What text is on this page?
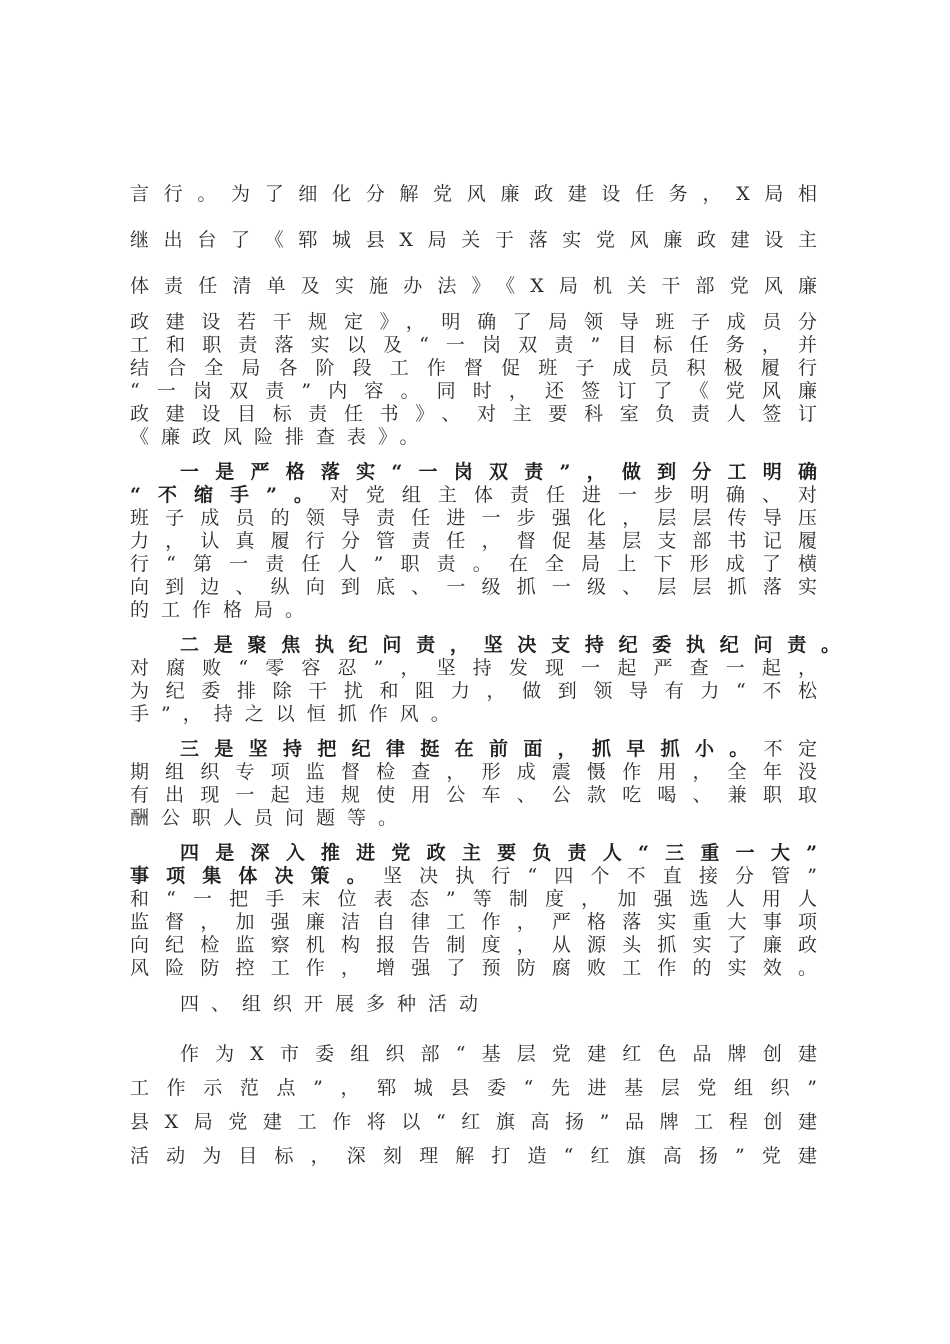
言行。为了细化分解党风廉政建设任务，X局相
继出台了《郓城县X局关于落实党风廉政建设主
体责任清单及实施办法》《X局机关干部党风廉
政建设若干规定》，明确了局领导班子成员分
工和职责落实以及“一岗双责”目标任务，并
结合全局各阶段工作督促班子成员积极履行
“一岗双责”内容。同时，还签订了《党风廉
政建设目标责任书》、对主要科室负责人签订
《廉政风险排查表》。
一是严格落实“一岗双责”，做到分工明确
“不缩手”。对党组主体责任进一步明确、对
班子成员的领导责任进一步强化，层层传导压
力，认真履行分管责任，督促基层支部书记履
行“第一责任人”职责。在全局上下形成了横
向到边、纵向到底、一级抓一级、层层抓落实
的工作格局。
二是聚焦执纪问责，坚决支持纪委执纪问责。
对腐败“零容忍”，坚持发现一起严查一起，
为纪委排除干扰和阻力，做到领导有力“不松
手”，持之以恒抓作风。
三是坚持把纪律挺在前面，抓早抓小。不定
期组织专项监督检查，形成震慑作用，全年没
有出现一起违规使用公车、公款吃喝、兼职取
酬公职人员问题等。
四是深入推进党政主要负责人“三重一大”
事项集体决策。坚决执行“四个不直接分管”
和“一把手末位表态”等制度，加强选人用人
监督，加强廉洁自律工作，严格落实重大事项
向纪检监察机构报告制度，从源头抓实了廉政
风险防控工作，增强了预防腐败工作的实效。
四、组织开展多种活动
作为X市委组织部“基层党建红色品牌创建
工作示范点”，郓城县委“先进基层党组织”
县X局党建工作将以“红旗高扬”品牌工程创建
活动为目标，深刻理解打造“红旗高扬”党建
